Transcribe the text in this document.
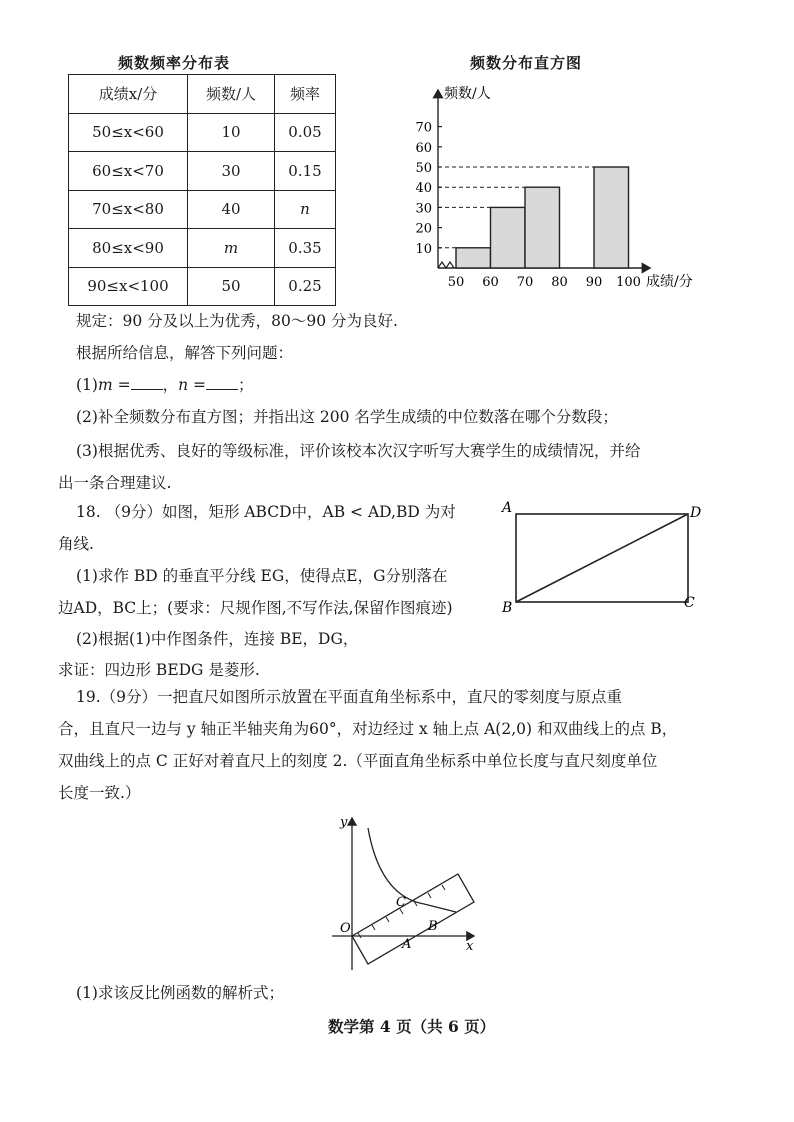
频数频率分布表
成绩x/分	频数/人	频率
50≤x<60	10	0.05
60≤x<70	30	0.15
70≤x<80	40	n
80≤x<90	m	0.35
90≤x<100	50	0.25
频数分布直方图
频数/人
成绩/分
10
20
30
40
50
60
70
50 60 70 80 90 100
规定：90 分及以上为优秀，80～90 分为良好.
根据所给信息，解答下列问题：
(1)m = ，n = ；
(2)补全频数分布直方图；并指出这 200 名学生成绩的中位数落在哪个分数段；
(3)根据优秀、良好的等级标准，评价该校本次汉字听写大赛学生的成绩情况，并给
出一条合理建议.
18. （9分）如图，矩形 ABCD中，AB < AD,BD 为对
角线.
(1)求作 BD 的垂直平分线 EG，使得点E，G分别落在
边AD，BC上；(要求：尺规作图,不写作法,保留作图痕迹)
(2)根据(1)中作图条件，连接 BE，DG，
求证：四边形 BEDG 是菱形.
A	D
B	C
19.（9分）一把直尺如图所示放置在平面直角坐标系中，直尺的零刻度与原点重
合，且直尺一边与 y 轴正半轴夹角为60°，对边经过 x 轴上点 A(2,0) 和双曲线上的点 B，
双曲线上的点 C 正好对着直尺上的刻度 2.（平面直角坐标系中单位长度与直尺刻度单位
长度一致.）
y
x
O
A
B
C
(1)求该反比例函数的解析式；
数学第 4 页（共 6 页）
